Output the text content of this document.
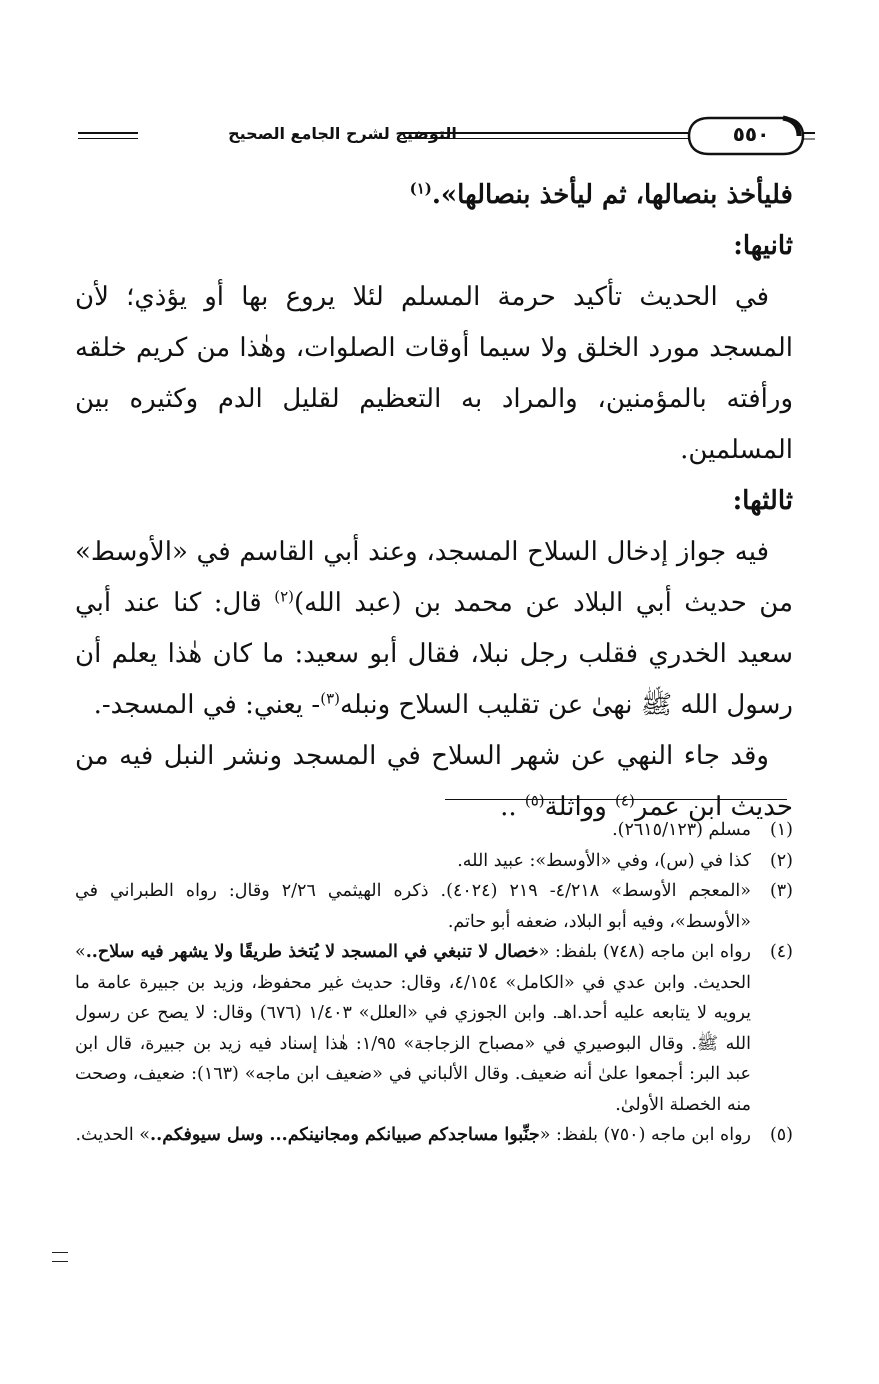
التوضيح لشرح الجامع الصحيح	٥٥٠

فليأخذ بنصالها، ثم ليأخذ بنصالها».$^{(١)}$

ثانيها:

في الحديث تأكيد حرمة المسلم لئلا يروع بها أو يؤذي؛ لأن المسجد مورد الخلق ولا سيما أوقات الصلوات، وهٰذا من كريم خلقه ورأفته بالمؤمنين، والمراد به التعظيم لقليل الدم وكثيره بين المسلمين.

ثالثها:

فيه جواز إدخال السلاح المسجد، وعند أبي القاسم في «الأوسط» من حديث أبي البلاد عن محمد بن (عبد الله)$^{(٢)}$ قال: كنا عند أبي سعيد الخدري فقلب رجل نبلا، فقال أبو سعيد: ما كان هٰذا يعلم أن رسول الله ﷺ نهىٰ عن تقليب السلاح ونبله$^{(٣)}$- يعني: في المسجد-.

وقد جاء النهي عن شهر السلاح في المسجد ونشر النبل فيه من حديث ابن عمر$^{(٤)}$ وواثلة$^{(٥)}$ ..

(١)
مسلم (٢٦١٥/١٢٣).
(٢)
كذا في (س)، وفي «الأوسط»: عبيد الله.
(٣)
«المعجم الأوسط» ٤/٢١٨- ٢١٩ (٤٠٢٤). ذكره الهيثمي ٢/٢٦ وقال: رواه الطبراني في «الأوسط»، وفيه أبو البلاد، ضعفه أبو حاتم.
(٤)
رواه ابن ماجه (٧٤٨) بلفظ: «خصال لا تنبغي في المسجد لا يُتخذ طريقًا ولا يشهر فيه سلاح..» الحديث. وابن عدي في «الكامل» ٤/١٥٤، وقال: حديث غير محفوظ، وزيد بن جبيرة عامة ما يرويه لا يتابعه عليه أحد.اهـ. وابن الجوزي في «العلل» ١/٤٠٣ (٦٧٦) وقال: لا يصح عن رسول الله ﷺ. وقال البوصيري في «مصباح الزجاجة» ١/٩٥: هٰذا إسناد فيه زيد بن جبيرة، قال ابن عبد البر: أجمعوا علىٰ أنه ضعيف. وقال الألباني في «ضعيف ابن ماجه» (١٦٣): ضعيف، وصحت منه الخصلة الأولىٰ.
(٥)
رواه ابن ماجه (٧٥٠) بلفظ: «جنِّبوا مساجدكم صبيانكم ومجانينكم... وسل سيوفكم..» الحديث.
